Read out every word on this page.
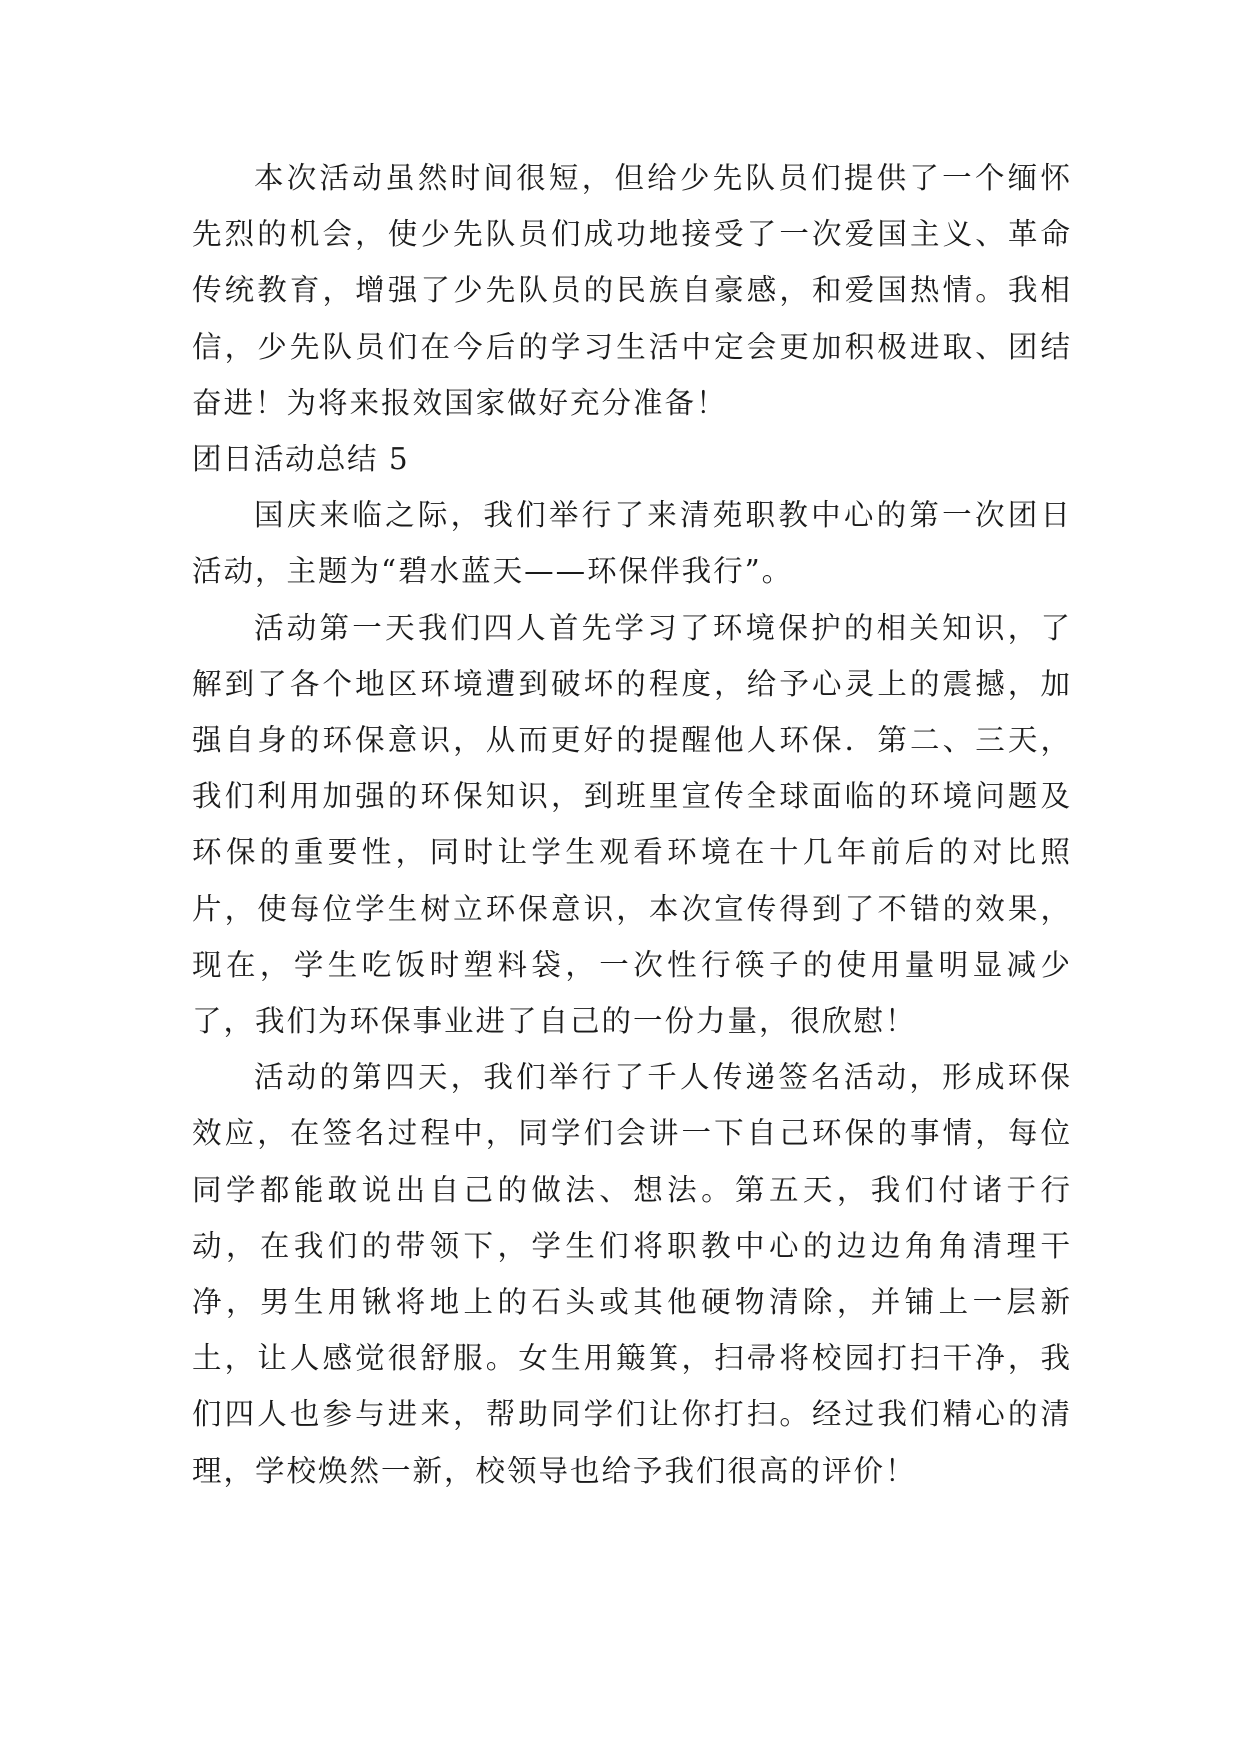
本次活动虽然时间很短，但给少先队员们提供了一个缅怀先烈的机会，使少先队员们成功地接受了一次爱国主义、革命传统教育，增强了少先队员的民族自豪感，和爱国热情。我相信，少先队员们在今后的学习生活中定会更加积极进取、团结奋进！为将来报效国家做好充分准备！

团日活动总结 5

国庆来临之际，我们举行了来清苑职教中心的第一次团日活动，主题为“碧水蓝天——环保伴我行”。

活动第一天我们四人首先学习了环境保护的相关知识，了解到了各个地区环境遭到破坏的程度，给予心灵上的震撼，加强自身的环保意识，从而更好的提醒他人环保．第二、三天，我们利用加强的环保知识，到班里宣传全球面临的环境问题及环保的重要性，同时让学生观看环境在十几年前后的对比照片，使每位学生树立环保意识，本次宣传得到了不错的效果，现在，学生吃饭时塑料袋，一次性行筷子的使用量明显减少了，我们为环保事业进了自己的一份力量，很欣慰！

活动的第四天，我们举行了千人传递签名活动，形成环保效应，在签名过程中，同学们会讲一下自己环保的事情，每位同学都能敢说出自己的做法、想法。第五天，我们付诸于行动，在我们的带领下，学生们将职教中心的边边角角清理干净，男生用锹将地上的石头或其他硬物清除，并铺上一层新土，让人感觉很舒服。女生用簸箕，扫帚将校园打扫干净，我们四人也参与进来，帮助同学们让你打扫。经过我们精心的清理，学校焕然一新，校领导也给予我们很高的评价！
